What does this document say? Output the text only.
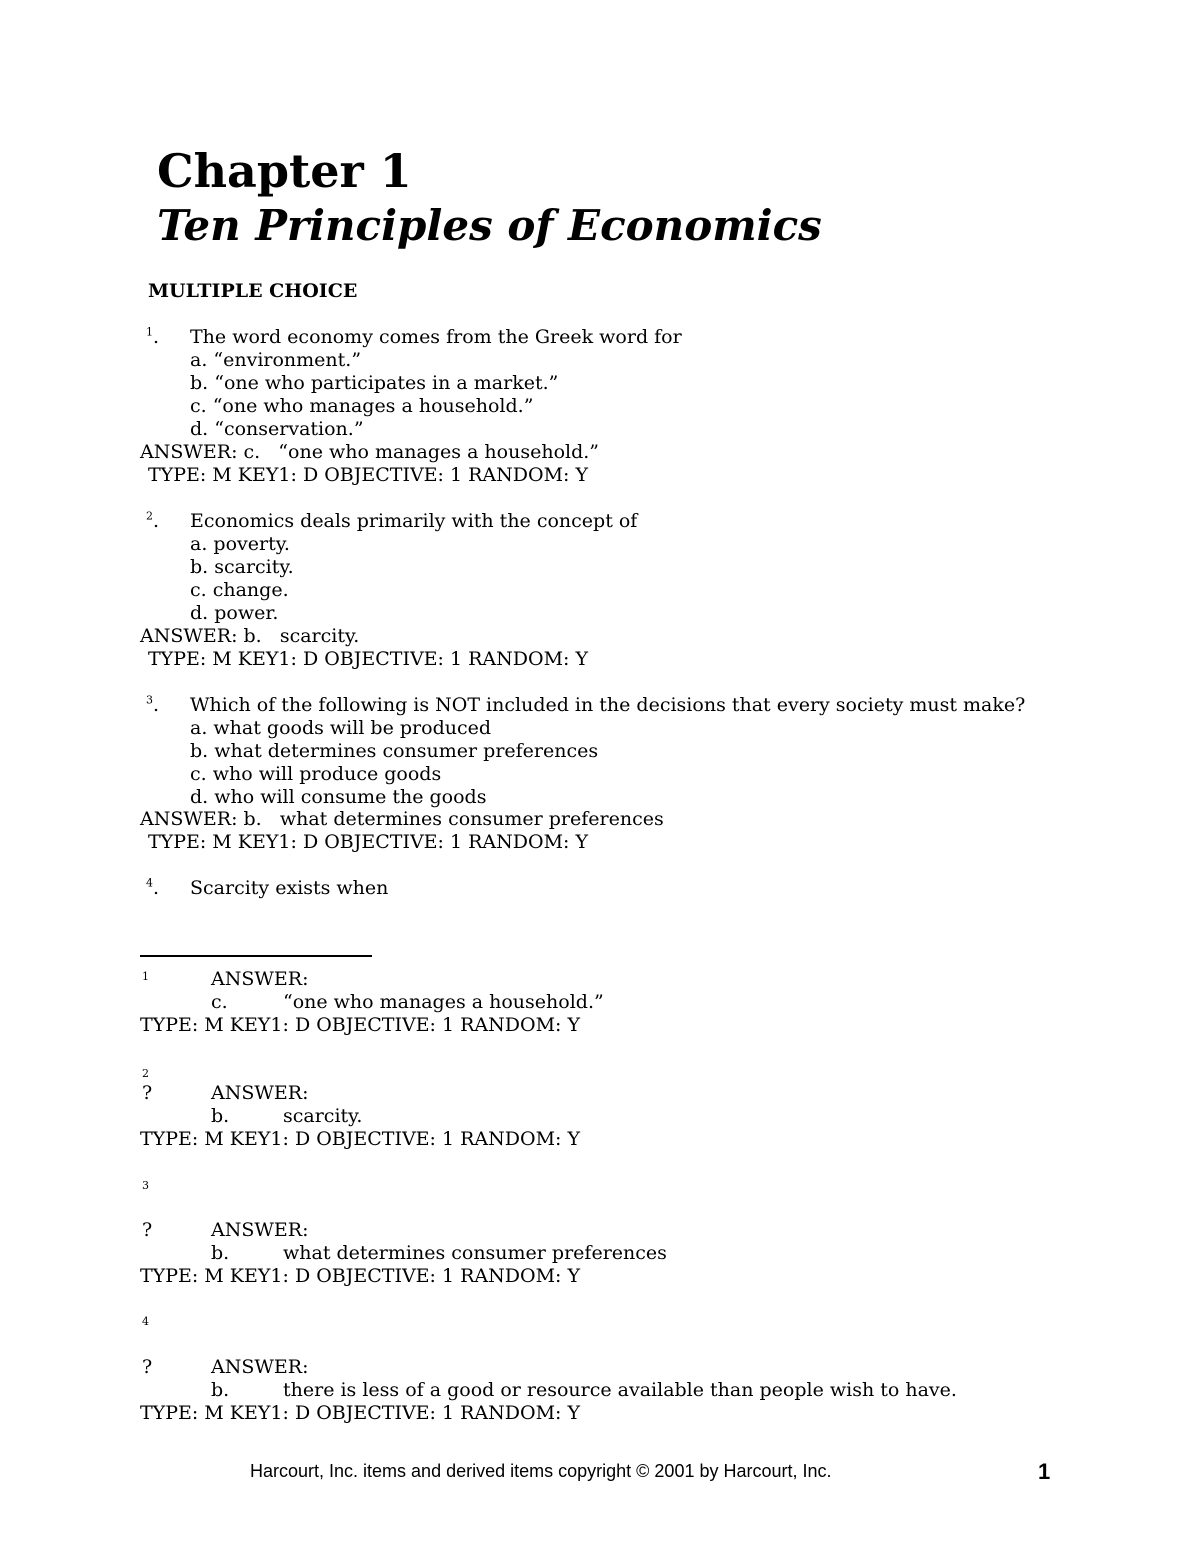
Chapter 1
Ten Principles of Economics
MULTIPLE CHOICE
$^1$. The word economy comes from the Greek word for
a. “environment.”
b. “one who participates in a market.”
c. “one who manages a household.”
d. “conservation.”
ANSWER: c.   “one who manages a household.”
TYPE: M KEY1: D OBJECTIVE: 1 RANDOM: Y
$^2$. Economics deals primarily with the concept of
a. poverty.
b. scarcity.
c. change.
d. power.
ANSWER: b.   scarcity.
TYPE: M KEY1: D OBJECTIVE: 1 RANDOM: Y
$^3$. Which of the following is NOT included in the decisions that every society must make?
a. what goods will be produced
b. what determines consumer preferences
c. who will produce goods
d. who will consume the goods
ANSWER: b.   what determines consumer preferences
TYPE: M KEY1: D OBJECTIVE: 1 RANDOM: Y
$^4$. Scarcity exists when
1	ANSWER:
c.	“one who manages a household.”
TYPE: M KEY1: D OBJECTIVE: 1 RANDOM: Y
2
?	ANSWER:
b.	scarcity.
TYPE: M KEY1: D OBJECTIVE: 1 RANDOM: Y
3
?	ANSWER:
b.	what determines consumer preferences
TYPE: M KEY1: D OBJECTIVE: 1 RANDOM: Y
4
?	ANSWER:
b.	there is less of a good or resource available than people wish to have.
TYPE: M KEY1: D OBJECTIVE: 1 RANDOM: Y
Harcourt, Inc. items and derived items copyright © 2001 by Harcourt, Inc.	1
